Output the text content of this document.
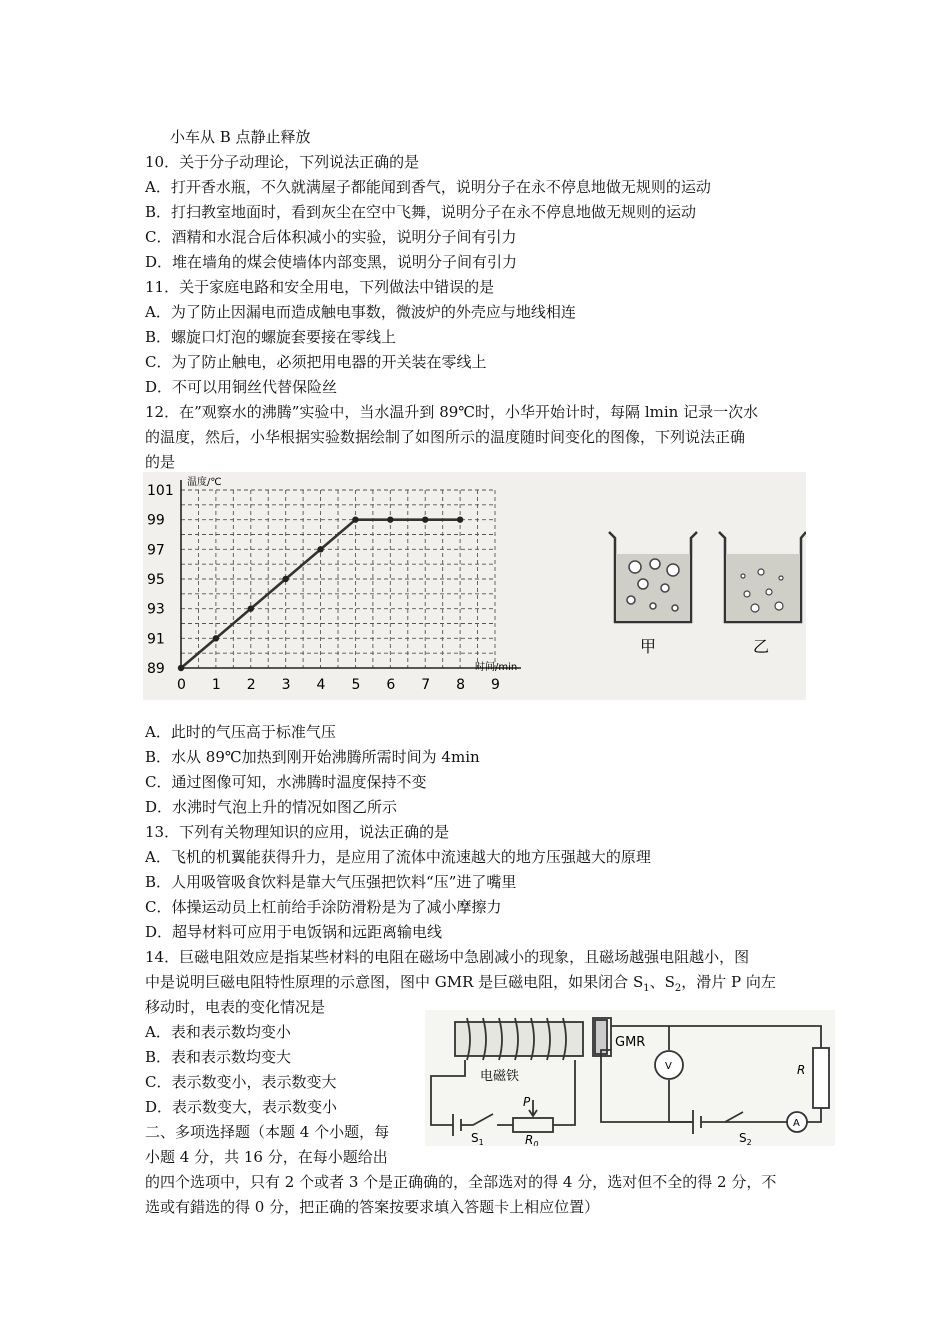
小车从 B 点静止释放
10．关于分子动理论，下列说法正确的是
A．打开香水瓶，不久就满屋子都能闻到香气，说明分子在永不停息地做无规则的运动
B．打扫教室地面时，看到灰尘在空中飞舞，说明分子在永不停息地做无规则的运动
C．酒精和水混合后体积减小的实验，说明分子间有引力
D．堆在墙角的煤会使墙体内部变黑，说明分子间有引力
11．关于家庭电路和安全用电，下列做法中错误的是
A．为了防止因漏电而造成触电事数，微波炉的外壳应与地线相连
B．螺旋口灯泡的螺旋套要接在零线上
C．为了防止触电，必须把用电器的开关装在零线上
D．不可以用铜丝代替保险丝
12．在”观察水的沸腾”实验中，当水温升到 89℃时，小华开始计时，每隔 lmin 记录一次水
的温度，然后，小华根据实验数据绘制了如图所示的温度随时间变化的图像，下列说法正确
的是
0 1 2 3 4 5 6 7 8 9
89
91
93
95
97
99
101
温度/℃
时间/min
甲	乙
A．此时的气压高于标准气压
B．水从 89℃加热到刚开始沸腾所需时间为 4min
C．通过图像可知，水沸腾时温度保持不变
D．水沸时气泡上升的情况如图乙所示
13．下列有关物理知识的应用，说法正确的是
A．飞机的机翼能获得升力，是应用了流体中流速越大的地方压强越大的原理
B．人用吸管吸食饮料是靠大气压强把饮料“压”进了嘴里
C．体操运动员上杠前给手涂防滑粉是为了减小摩擦力
D．超导材料可应用于电饭锅和远距离输电线
14．巨磁电阻效应是指某些材料的电阻在磁场中急剧减小的现象，且磁场越强电阻越小，图
中是说明巨磁电阻特性原理的示意图，图中 GMR 是巨磁电阻，如果闭合 $S_1$、$S_2$，滑片 P 向左
移动时，电表的变化情况是
A．表和表示数均变小
B．表和表示数均变大
C．表示数变小，表示数变大
D．表示数变大，表示数变小
二、多项选择题（本题 4 个小题，每
小题 4 分，共 16 分，在每小题给出
的四个选项中，只有 2 个或者 3 个是正确确的，全部选对的得 4 分，选对但不全的得 2 分，不
选或有錯选的得 0 分，把正确的答案按要求填入答题卡上相应位置）
GMR
电磁铁
P
$S_1$	$R_0$
R
V
A
$S_2$
